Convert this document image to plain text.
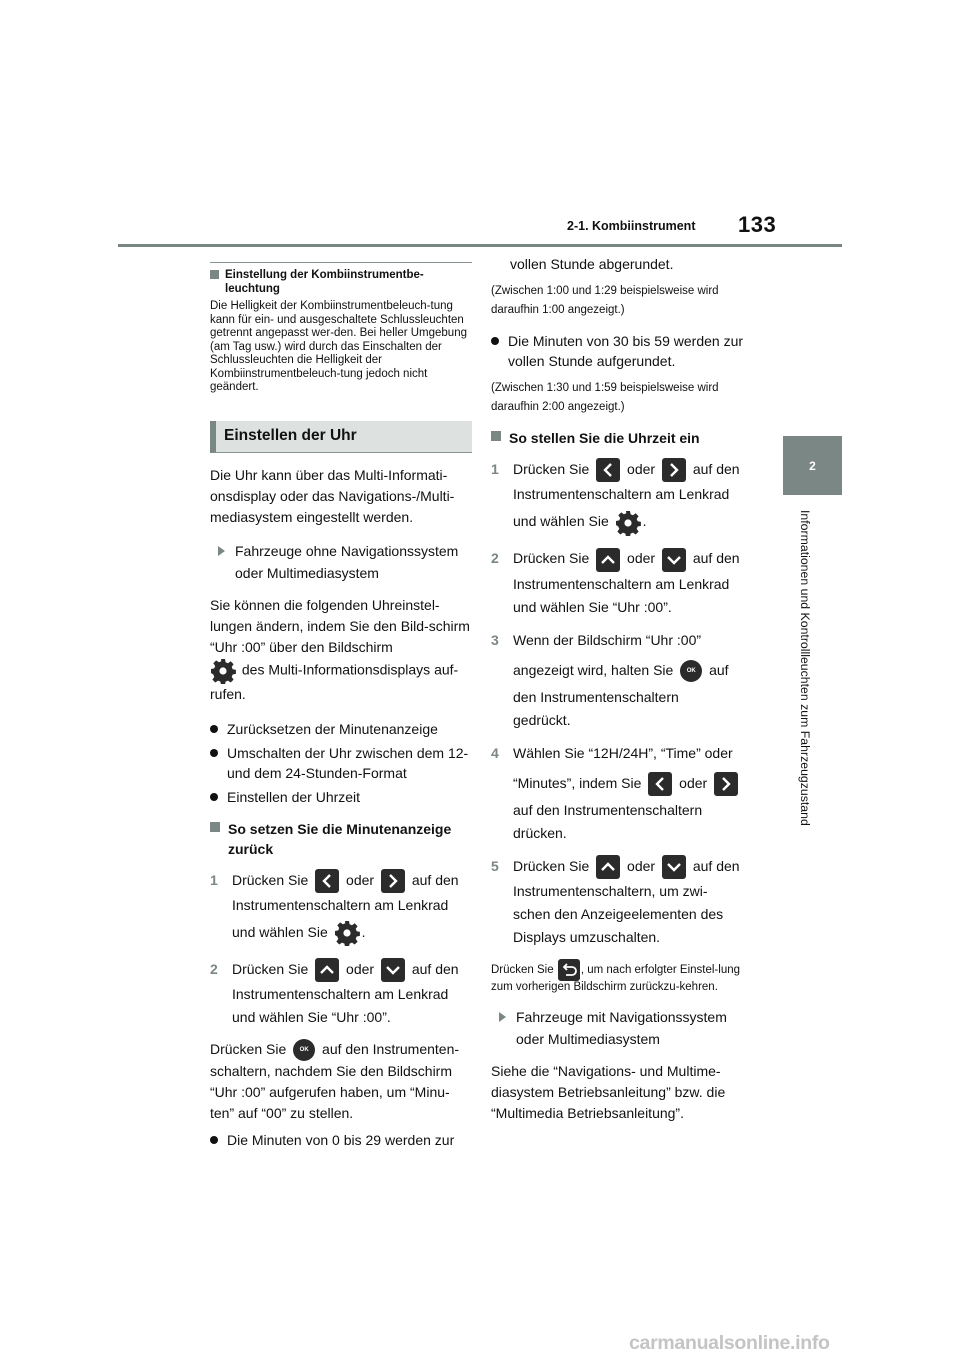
2-1. Kombiinstrument 133
2
Informationen und Kontrollleuchten zum Fahrzeugzustand
Einstellung der Kombiinstrumentbe-leuchtung
Die Helligkeit der Kombiinstrumentbeleuch-tung kann für ein- und ausgeschaltete Schlussleuchten getrennt angepasst wer-den. Bei heller Umgebung (am Tag usw.) wird durch das Einschalten der Schlussleuchten die Helligkeit der Kombiinstrumentbeleuch-tung jedoch nicht geändert.
Einstellen der Uhr
Die Uhr kann über das Multi-Informati-onsdisplay oder das Navigations-/Multi-mediasystem eingestellt werden.
Fahrzeuge ohne Navigationssystem oder Multimediasystem
Sie können die folgenden Uhreinstel-lungen ändern, indem Sie den Bild-schirm “Uhr :00” über den Bildschirm
des Multi-Informationsdisplays auf-rufen.
Zurücksetzen der Minutenanzeige
Umschalten der Uhr zwischen dem 12- und dem 24-Stunden-Format
Einstellen der Uhrzeit
So setzen Sie die Minutenanzeige zurück
1	Drücken Sie	oder	auf den
Instrumentenschaltern am Lenkrad
und wählen Sie .
2	Drücken Sie	oder	auf den
Instrumentenschaltern am Lenkrad
und wählen Sie “Uhr :00”.
Drücken Sie OK auf den Instrumenten-schaltern, nachdem Sie den Bildschirm “Uhr :00” aufgerufen haben, um “Minu-ten” auf “00” zu stellen.
Die Minuten von 0 bis 29 werden zur
vollen Stunde abgerundet.
(Zwischen 1:00 und 1:29 beispielsweise wird daraufhin 1:00 angezeigt.)
Die Minuten von 30 bis 59 werden zur vollen Stunde aufgerundet.
(Zwischen 1:30 und 1:59 beispielsweise wird daraufhin 2:00 angezeigt.)
So stellen Sie die Uhrzeit ein
1	Drücken Sie	oder	auf den
Instrumentenschaltern am Lenkrad
und wählen Sie .
2	Drücken Sie	oder	auf den
Instrumentenschaltern am Lenkrad
und wählen Sie “Uhr :00”.
3	Wenn der Bildschirm “Uhr :00”
angezeigt wird, halten Sie OK auf
den Instrumentenschaltern
gedrückt.
4	Wählen Sie “12H/24H”, “Time” oder
“Minutes”, indem Sie	oder
auf den Instrumentenschaltern
drücken.
5	Drücken Sie	oder	auf den
Instrumentenschaltern, um zwi-
schen den Anzeigeelementen des
Displays umzuschalten.
Drücken Sie , um nach erfolgter Einstel-lung zum vorherigen Bildschirm zurückzu-kehren.
Fahrzeuge mit Navigationssystem oder Multimediasystem
Siehe die “Navigations- und Multime-diasystem Betriebsanleitung” bzw. die “Multimedia Betriebsanleitung”.
carmanualsonline.info
